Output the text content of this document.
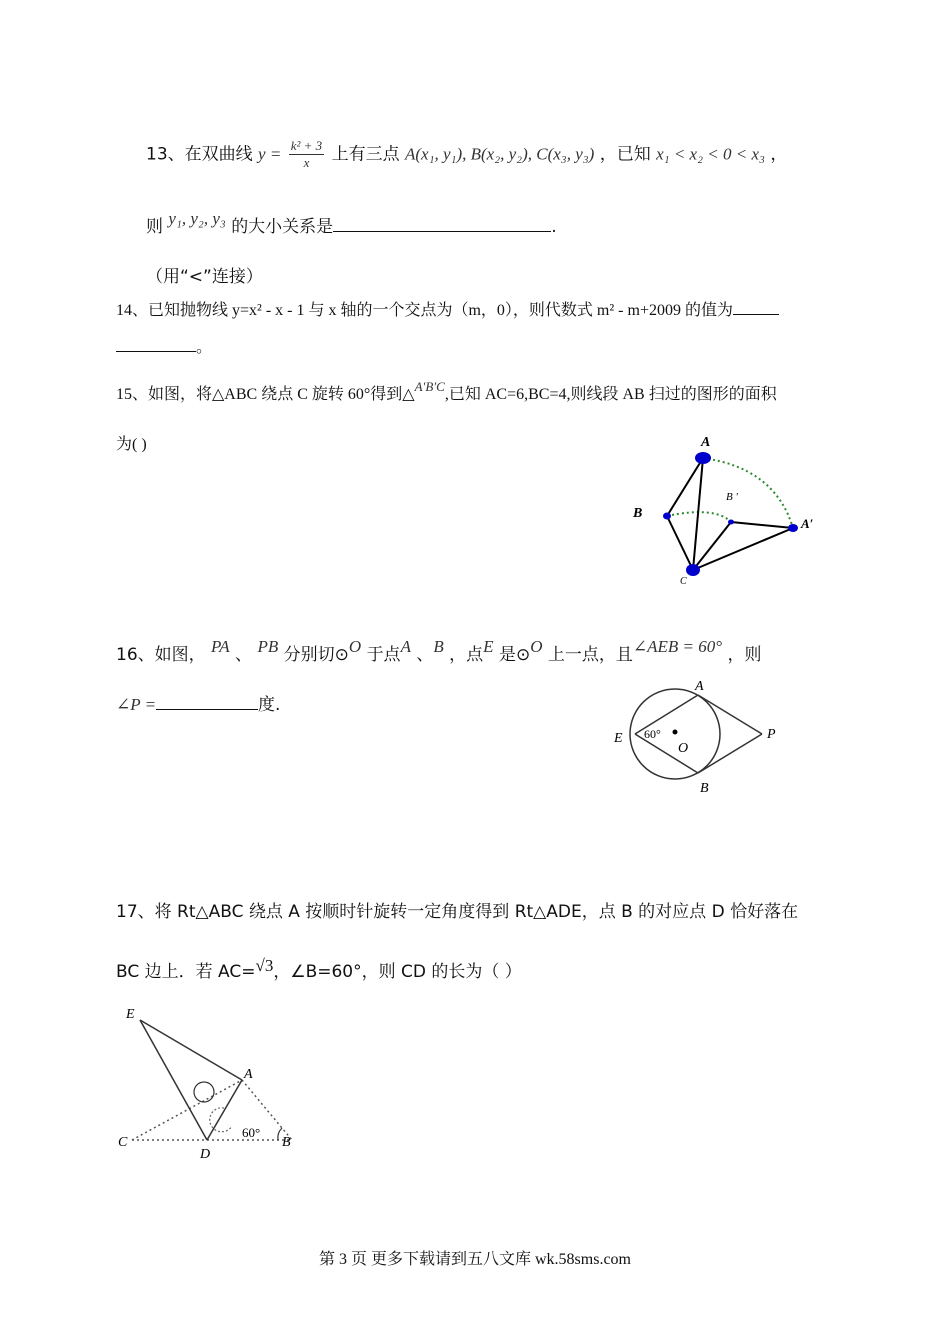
13、在双曲线 $y = \frac{\text{k² + 3}}{x}$ 上有三点 A(x₁, y₁), B(x₂, y₂), C(x₃, y₃) ，已知 x₁ < x₂ < 0 < x₃ ，
则 y₁, y₂, y₃ 的大小关系是	.
（用“<”连接）
14、已知抛物线 y=x² - x - 1 与 x 轴的一个交点为（m，0），则代数式 m² - m+2009 的值为
。
15、如图，将△ABC 绕点 C 旋转 60°得到△$^{A'B'C}$,已知 AC=6,BC=4,则线段 AB 扫过的图形的面积
为( )	A
B
B ′
A′
C
16、如图， PA 、 PB 分别切⊙O 于点A 、B ，点E 是⊙O 上一点，且∠AEB = 60° ，则
∠P =	度.
A
B
E
O
P
60°
17、将 Rt△ABC 绕点 A 按顺时针旋转一定角度得到 Rt△ADE，点 B 的对应点 D 恰好落在
BC 边上．若 AC=√3，∠B=60°，则 CD 的长为（ ）
E
A
C
D
B
60°
第 3 页 更多下载请到五八文库 wk.58sms.com
